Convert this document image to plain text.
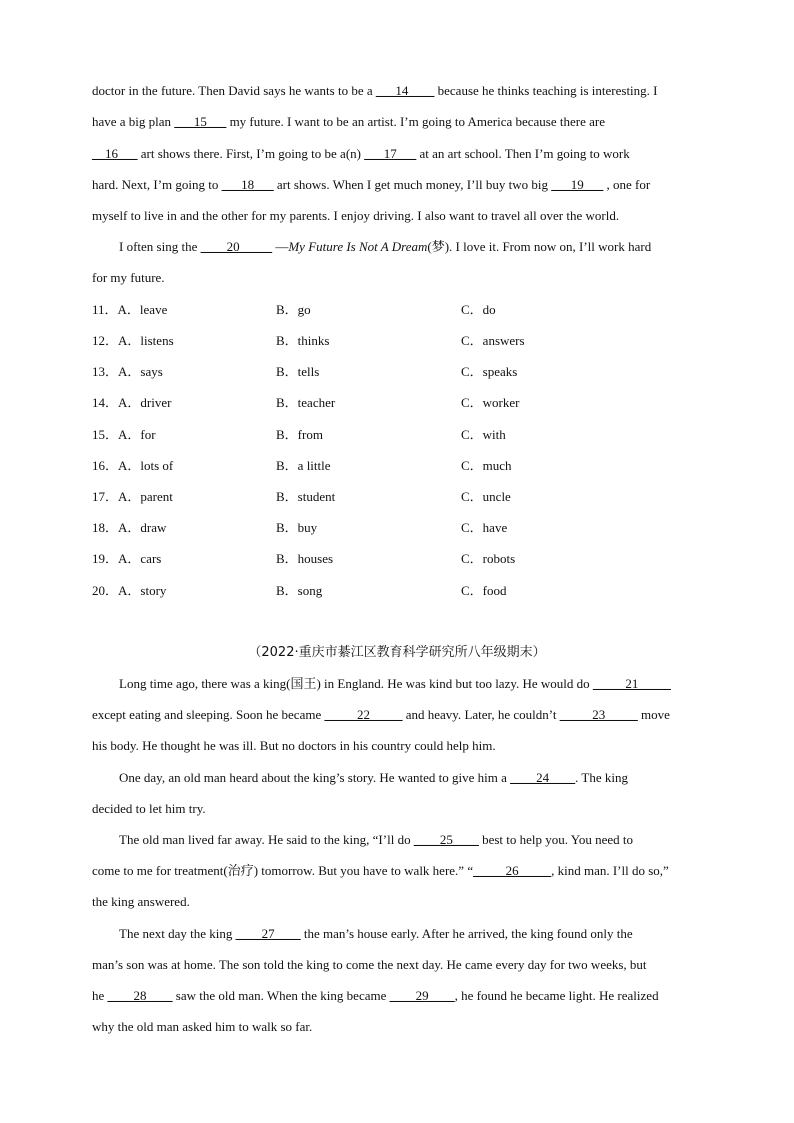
doctor in the future. Then David says he wants to be a ___14____ because he thinks teaching is interesting. I
have a big plan ___15___ my future. I want to be an artist. I’m going to America because there are
__16___ art shows there. First, I’m going to be a(n) ___17___ at an art school. Then I’m going to work
hard. Next, I’m going to ___18___ art shows. When I get much money, I’ll buy two big ___19___ , one for
myself to live in and the other for my parents. I enjoy driving. I also want to travel all over the world.
I often sing the ____20_____ —My Future Is Not A Dream(梦). I love it. From now on, I’ll work hard
for my future.
11．A．leave	B．go	C．do
12．A．listens	B．thinks	C．answers
13．A．says	B．tells	C．speaks
14．A．driver	B．teacher	C．worker
15．A．for	B．from	C．with
16．A．lots of	B．a little	C．much
17．A．parent	B．student	C．uncle
18．A．draw	B．buy	C．have
19．A．cars	B．houses	C．robots
20．A．story	B．song	C．food
（2022·重庆市綦江区教育科学研究所八年级期末）
Long time ago, there was a king(国王) in England. He was kind but too lazy. He would do _____21_____
except eating and sleeping. Soon he became _____22_____ and heavy. Later, he couldn’t _____23_____ move
his body. He thought he was ill. But no doctors in his country could help him.
One day, an old man heard about the king’s story. He wanted to give him a ____24____. The king
decided to let him try.
The old man lived far away. He said to the king, “I’ll do ____25____ best to help you. You need to
come to me for treatment(治疗) tomorrow. But you have to walk here.” “_____26_____, kind man. I’ll do so,”
the king answered.
The next day the king ____27____ the man’s house early. After he arrived, the king found only the
man’s son was at home. The son told the king to come the next day. He came every day for two weeks, but
he ____28____ saw the old man. When the king became ____29____, he found he became light. He realized
why the old man asked him to walk so far.
